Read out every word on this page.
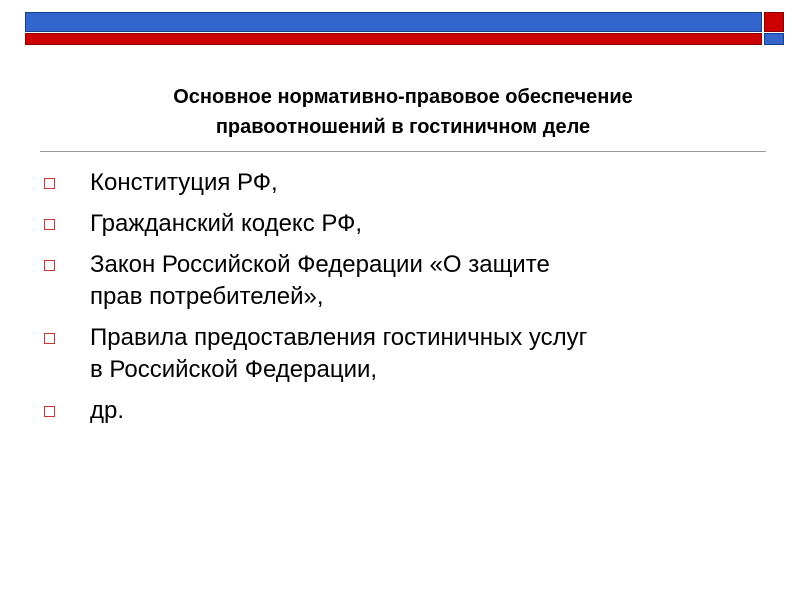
Основное нормативно-правовое обеспечение
правоотношений в гостиничном деле
Конституция РФ,
Гражданский кодекс РФ,
Закон Российской Федерации «О защите
прав потребителей»,
Правила предоставления гостиничных услуг
в Российской Федерации,
др.
